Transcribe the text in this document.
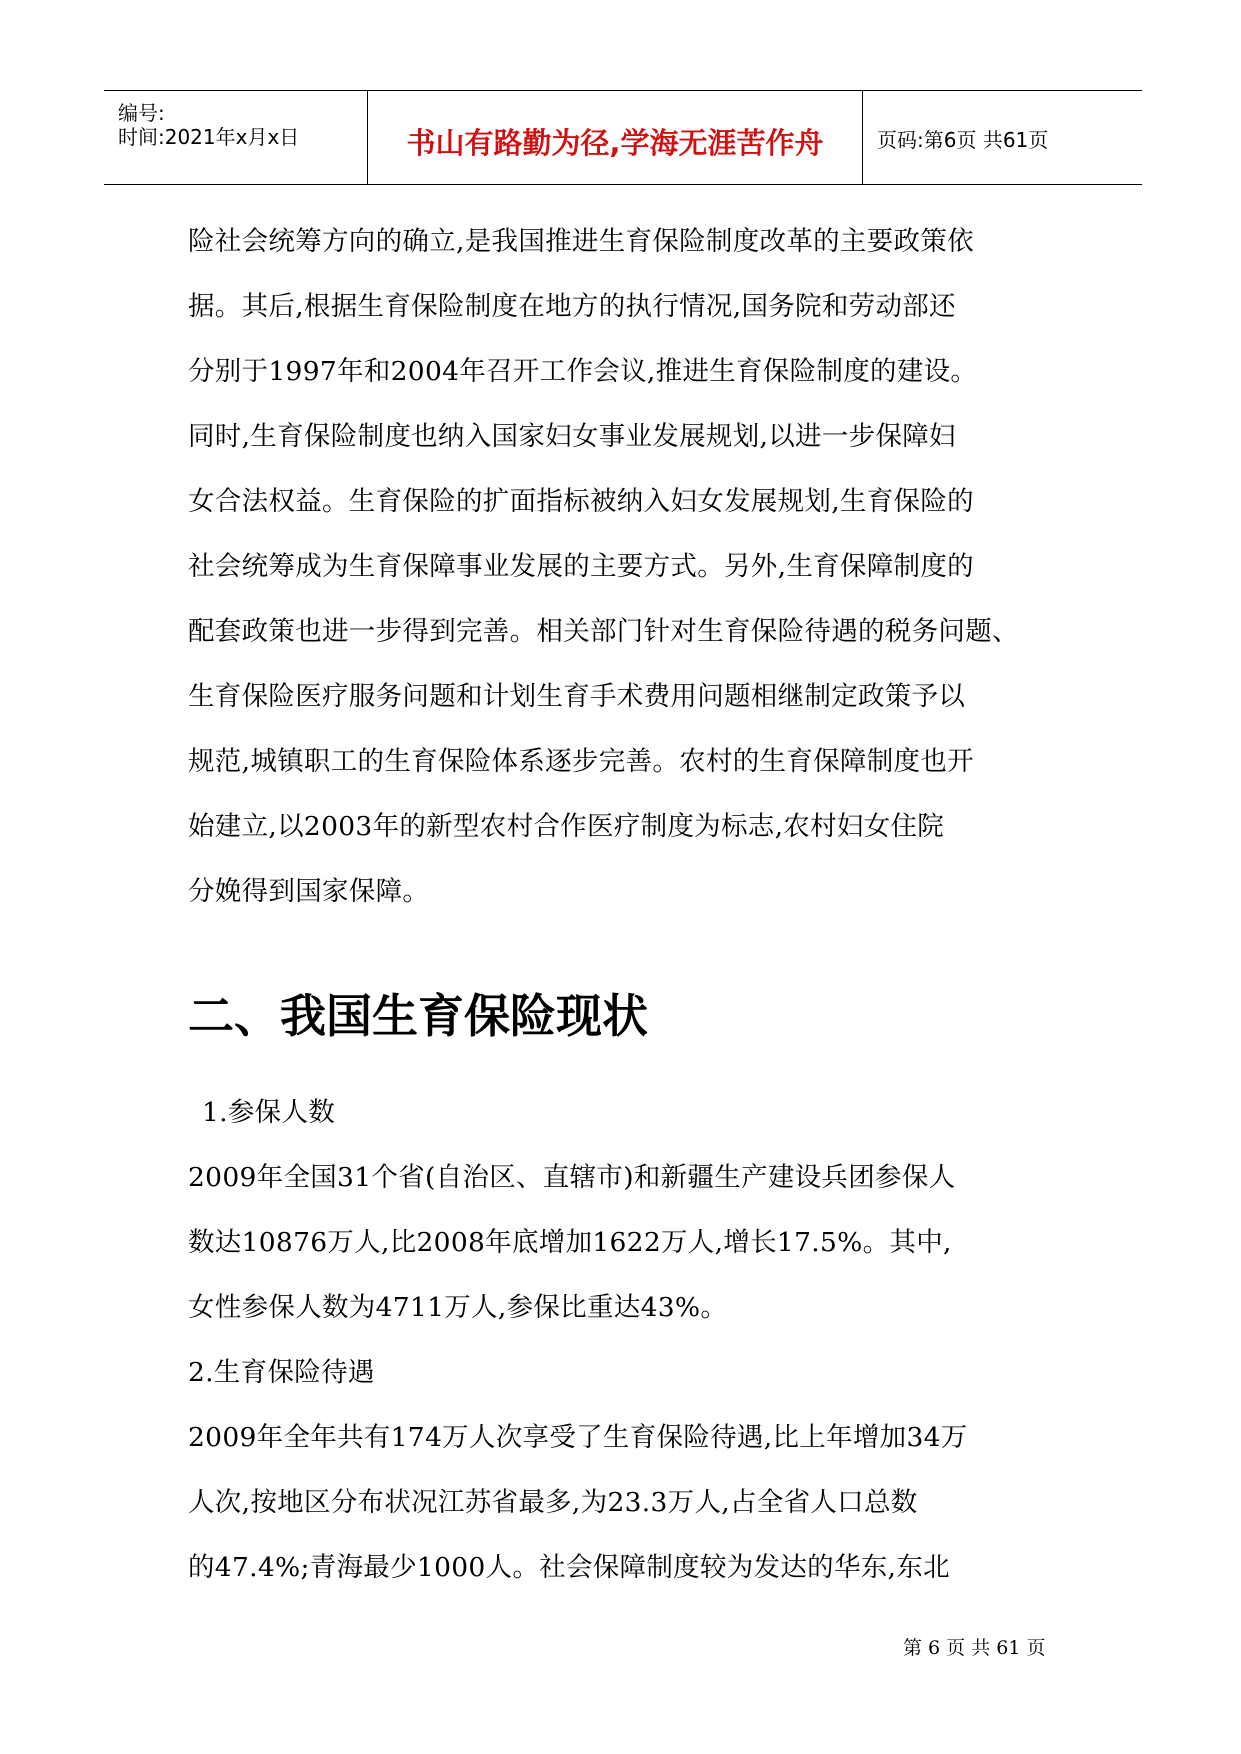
编号:
时间:2021年x月x日	书山有路勤为径,学海无涯苦作舟	页码:第6页 共61页
险社会统筹方向的确立,是我国推进生育保险制度改革的主要政策依
据。其后,根据生育保险制度在地方的执行情况,国务院和劳动部还
分别于1997年和2004年召开工作会议,推进生育保险制度的建设。
同时,生育保险制度也纳入国家妇女事业发展规划,以进一步保障妇
女合法权益。生育保险的扩面指标被纳入妇女发展规划,生育保险的
社会统筹成为生育保障事业发展的主要方式。另外,生育保障制度的
配套政策也进一步得到完善。相关部门针对生育保险待遇的税务问题、
生育保险医疗服务问题和计划生育手术费用问题相继制定政策予以
规范,城镇职工的生育保险体系逐步完善。农村的生育保障制度也开
始建立,以2003年的新型农村合作医疗制度为标志,农村妇女住院
分娩得到国家保障。
二、我国生育保险现状
1.参保人数
2009年全国31个省(自治区、直辖市)和新疆生产建设兵团参保人
数达10876万人,比2008年底增加1622万人,增长17.5%。其中,
女性参保人数为4711万人,参保比重达43%。
2.生育保险待遇
2009年全年共有174万人次享受了生育保险待遇,比上年增加34万
人次,按地区分布状况江苏省最多,为23.3万人,占全省人口总数
的47.4%;青海最少1000人。社会保障制度较为发达的华东,东北
第 6 页 共 61 页
